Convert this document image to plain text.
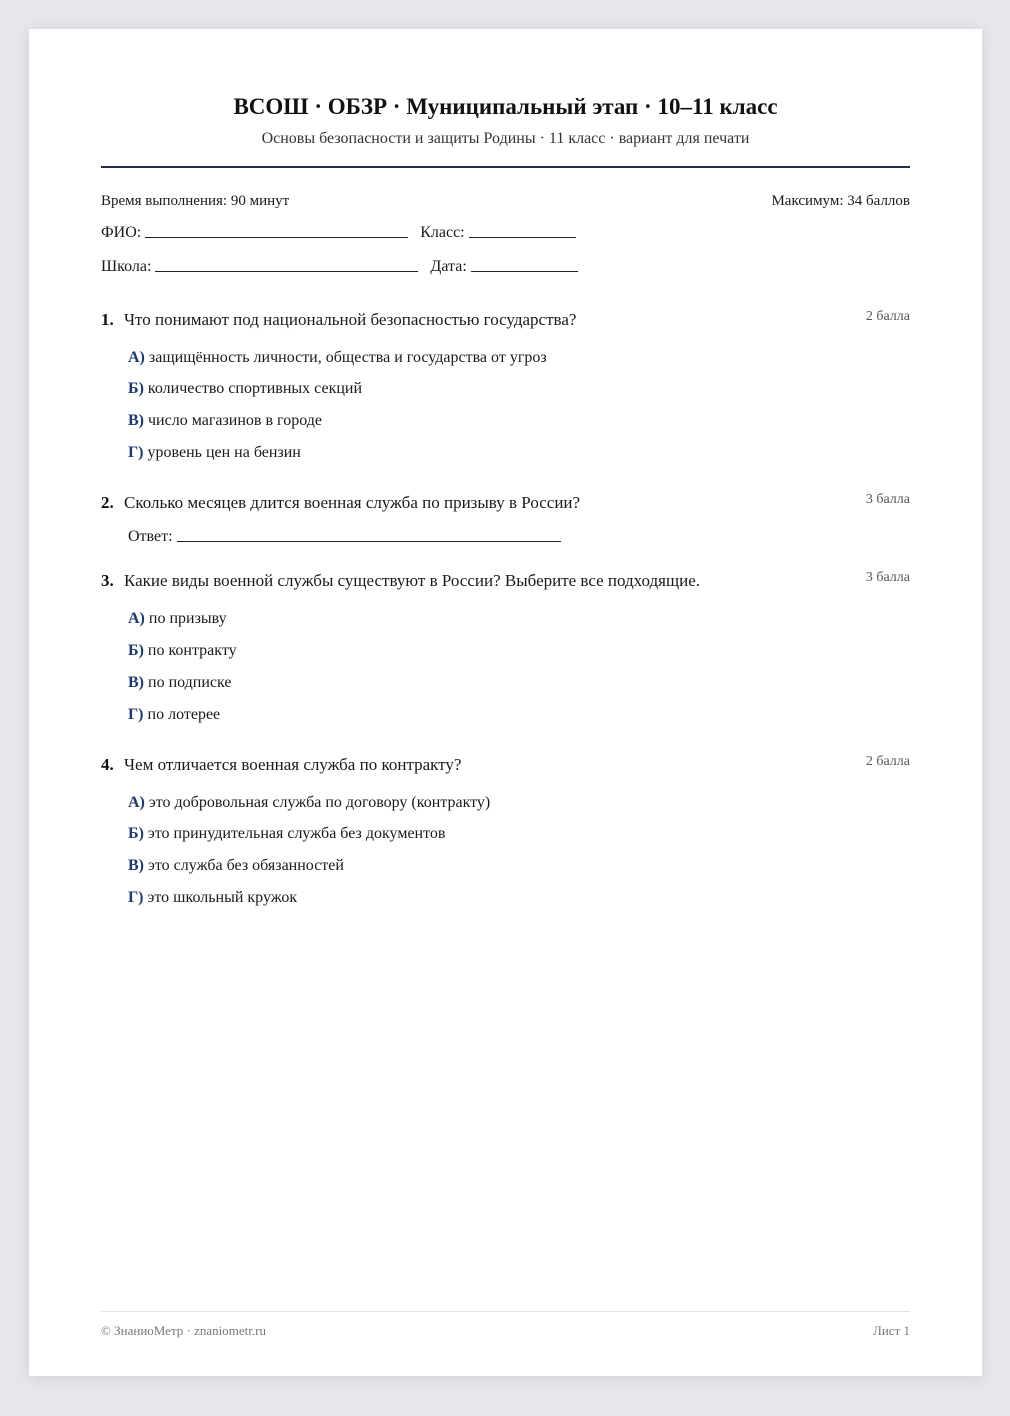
ВСОШ · ОБЗР · Муниципальный этап · 10–11 класс
Основы безопасности и защиты Родины · 11 класс · вариант для печати
Время выполнения: 90 минут	Максимум: 34 баллов
ФИО:	Класс:
Школа:	Дата:
1. Что понимают под национальной безопасностью государства?	2 балла
А) защищённость личности, общества и государства от угроз
Б) количество спортивных секций
В) число магазинов в городе
Г) уровень цен на бензин
2. Сколько месяцев длится военная служба по призыву в России?	3 балла
Ответ:
3. Какие виды военной службы существуют в России? Выберите все подходящие.	3 балла
А) по призыву
Б) по контракту
В) по подписке
Г) по лотерее
4. Чем отличается военная служба по контракту?	2 балла
А) это добровольная служба по договору (контракту)
Б) это принудительная служба без документов
В) это служба без обязанностей
Г) это школьный кружок
© ЗнаниоМетр · znaniometr.ru	Лист 1
